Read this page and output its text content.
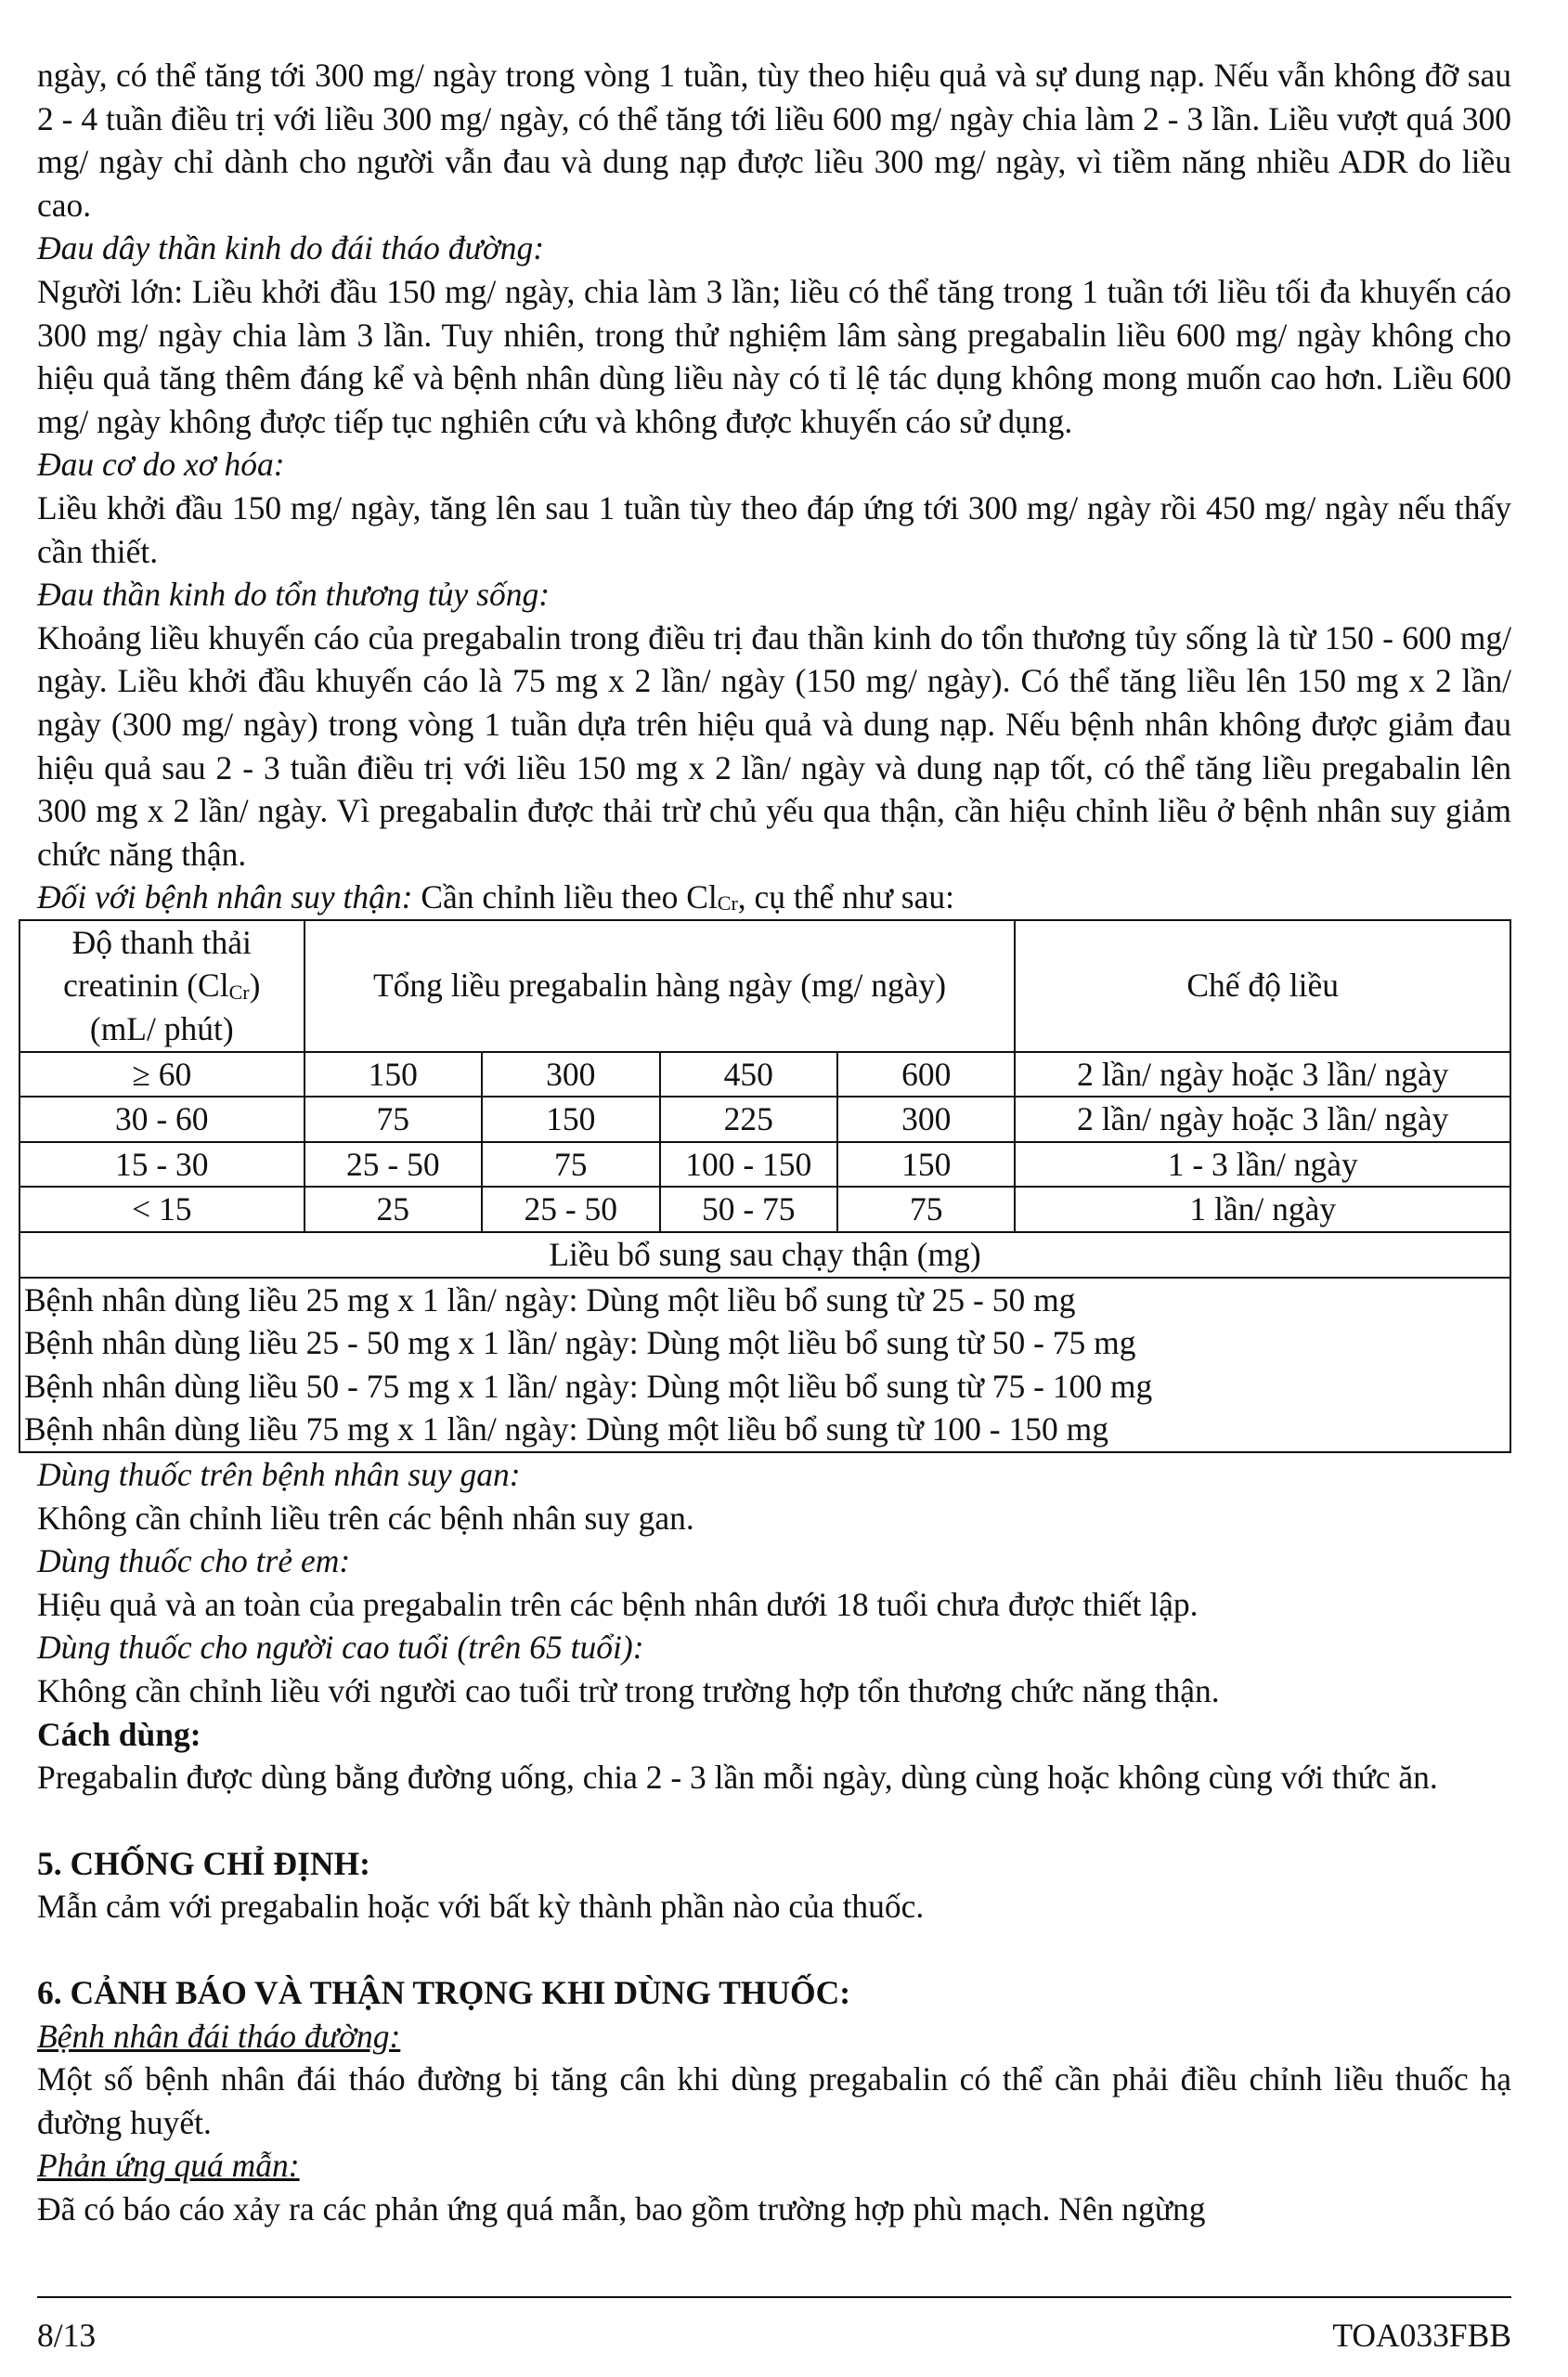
ngày, có thể tăng tới 300 mg/ ngày trong vòng 1 tuần, tùy theo hiệu quả và sự dung nạp. Nếu vẫn không đỡ sau 2 - 4 tuần điều trị với liều 300 mg/ ngày, có thể tăng tới liều 600 mg/ ngày chia làm 2 - 3 lần. Liều vượt quá 300 mg/ ngày chỉ dành cho người vẫn đau và dung nạp được liều 300 mg/ ngày, vì tiềm năng nhiều ADR do liều cao.

Đau dây thần kinh do đái tháo đường:

Người lớn: Liều khởi đầu 150 mg/ ngày, chia làm 3 lần; liều có thể tăng trong 1 tuần tới liều tối đa khuyến cáo 300 mg/ ngày chia làm 3 lần. Tuy nhiên, trong thử nghiệm lâm sàng pregabalin liều 600 mg/ ngày không cho hiệu quả tăng thêm đáng kể và bệnh nhân dùng liều này có tỉ lệ tác dụng không mong muốn cao hơn. Liều 600 mg/ ngày không được tiếp tục nghiên cứu và không được khuyến cáo sử dụng.

Đau cơ do xơ hóa:

Liều khởi đầu 150 mg/ ngày, tăng lên sau 1 tuần tùy theo đáp ứng tới 300 mg/ ngày rồi 450 mg/ ngày nếu thấy cần thiết.

Đau thần kinh do tổn thương tủy sống:

Khoảng liều khuyến cáo của pregabalin trong điều trị đau thần kinh do tổn thương tủy sống là từ 150 - 600 mg/ ngày. Liều khởi đầu khuyến cáo là 75 mg x 2 lần/ ngày (150 mg/ ngày). Có thể tăng liều lên 150 mg x 2 lần/ ngày (300 mg/ ngày) trong vòng 1 tuần dựa trên hiệu quả và dung nạp. Nếu bệnh nhân không được giảm đau hiệu quả sau 2 - 3 tuần điều trị với liều 150 mg x 2 lần/ ngày và dung nạp tốt, có thể tăng liều pregabalin lên 300 mg x 2 lần/ ngày. Vì pregabalin được thải trừ chủ yếu qua thận, cần hiệu chỉnh liều ở bệnh nhân suy giảm chức năng thận.

Đối với bệnh nhân suy thận: Cần chỉnh liều theo $Cl_{Cr}$, cụ thể như sau:

Độ thanh thải
creatinin $(Cl_{Cr})$
(mL/ phút)	Tổng liều pregabalin hàng ngày (mg/ ngày)				Chế độ liều
≥ 60	150	300	450	600	2 lần/ ngày hoặc 3 lần/ ngày
30 - 60	75	150	225	300	2 lần/ ngày hoặc 3 lần/ ngày
15 - 30	25 - 50	75	100 - 150	150	1 - 3 lần/ ngày
< 15	25	25 - 50	50 - 75	75	1 lần/ ngày
Liều bổ sung sau chạy thận (mg)					
Bệnh nhân dùng liều 25 mg x 1 lần/ ngày: Dùng một liều bổ sung từ 25 - 50 mg					
Bệnh nhân dùng liều 25 - 50 mg x 1 lần/ ngày: Dùng một liều bổ sung từ 50 - 75 mg					
Bệnh nhân dùng liều 50 - 75 mg x 1 lần/ ngày: Dùng một liều bổ sung từ 75 - 100 mg					
Bệnh nhân dùng liều 75 mg x 1 lần/ ngày: Dùng một liều bổ sung từ 100 - 150 mg					

Dùng thuốc trên bệnh nhân suy gan:

Không cần chỉnh liều trên các bệnh nhân suy gan.

Dùng thuốc cho trẻ em:

Hiệu quả và an toàn của pregabalin trên các bệnh nhân dưới 18 tuổi chưa được thiết lập.

Dùng thuốc cho người cao tuổi (trên 65 tuổi):

Không cần chỉnh liều với người cao tuổi trừ trong trường hợp tổn thương chức năng thận.

Cách dùng:

Pregabalin được dùng bằng đường uống, chia 2 - 3 lần mỗi ngày, dùng cùng hoặc không cùng với thức ăn.

5. CHỐNG CHỈ ĐỊNH:

Mẫn cảm với pregabalin hoặc với bất kỳ thành phần nào của thuốc.

6. CẢNH BÁO VÀ THẬN TRỌNG KHI DÙNG THUỐC:

Bệnh nhân đái tháo đường:

Một số bệnh nhân đái tháo đường bị tăng cân khi dùng pregabalin có thể cần phải điều chỉnh liều thuốc hạ đường huyết.

Phản ứng quá mẫn:

Đã có báo cáo xảy ra các phản ứng quá mẫn, bao gồm trường hợp phù mạch. Nên ngừng

8/13	TOA033FBB
